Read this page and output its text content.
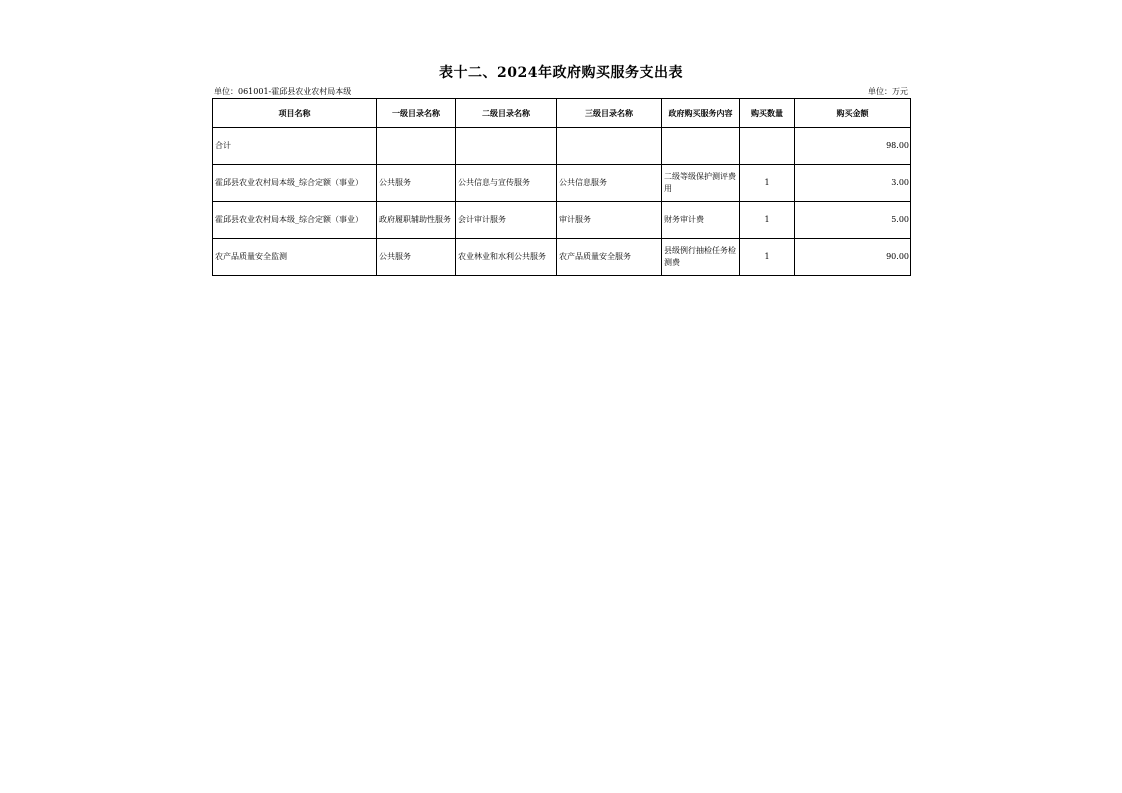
表十二、2024年政府购买服务支出表
单位：061001-霍邱县农业农村局本级	单位：万元
项目名称	一级目录名称	二级目录名称	三级目录名称	政府购买服务内容	购买数量	购买金额
合计						98.00
霍邱县农业农村局本级_综合定额（事业）	公共服务	公共信息与宣传服务	公共信息服务	二级等级保护测评费用	1	3.00
霍邱县农业农村局本级_综合定额（事业）	政府履职辅助性服务	会计审计服务	审计服务	财务审计费	1	5.00
农产品质量安全监测	公共服务	农业林业和水利公共服务	农产品质量安全服务	县级例行抽检任务检测费	1	90.00
